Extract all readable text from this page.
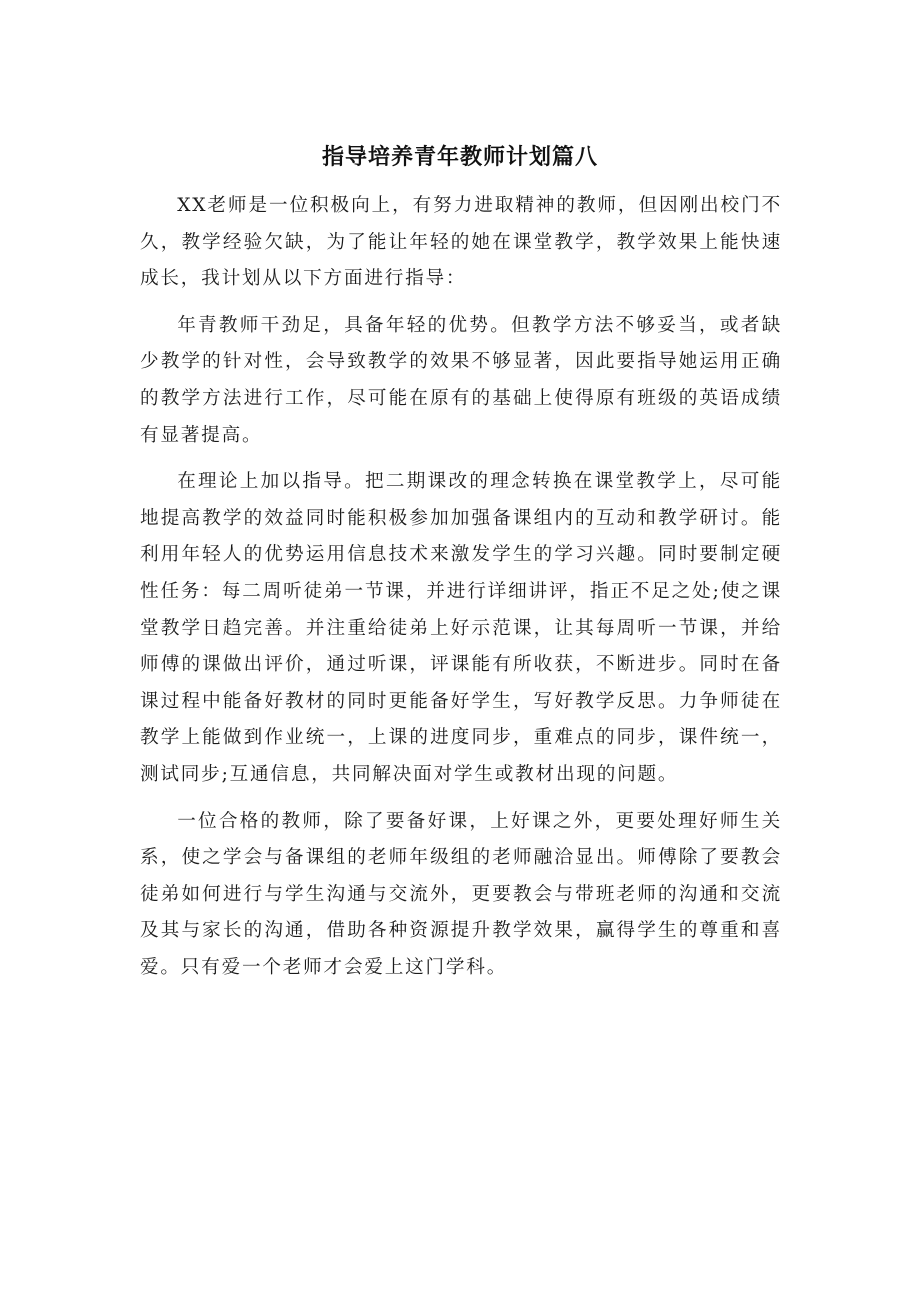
指导培养青年教师计划篇八

XX老师是一位积极向上，有努力进取精神的教师，但因刚出校门不久，教学经验欠缺，为了能让年轻的她在课堂教学，教学效果上能快速成长，我计划从以下方面进行指导：

年青教师干劲足，具备年轻的优势。但教学方法不够妥当，或者缺少教学的针对性，会导致教学的效果不够显著，因此要指导她运用正确的教学方法进行工作，尽可能在原有的基础上使得原有班级的英语成绩有显著提高。

在理论上加以指导。把二期课改的理念转换在课堂教学上，尽可能地提高教学的效益同时能积极参加加强备课组内的互动和教学研讨。能利用年轻人的优势运用信息技术来激发学生的学习兴趣。同时要制定硬性任务：每二周听徒弟一节课，并进行详细讲评，指正不足之处;使之课堂教学日趋完善。并注重给徒弟上好示范课，让其每周听一节课，并给师傅的课做出评价，通过听课，评课能有所收获，不断进步。同时在备课过程中能备好教材的同时更能备好学生，写好教学反思。力争师徒在教学上能做到作业统一，上课的进度同步，重难点的同步，课件统一，测试同步;互通信息，共同解决面对学生或教材出现的问题。

一位合格的教师，除了要备好课，上好课之外，更要处理好师生关系，使之学会与备课组的老师年级组的老师融洽显出。师傅除了要教会徒弟如何进行与学生沟通与交流外，更要教会与带班老师的沟通和交流及其与家长的沟通，借助各种资源提升教学效果，赢得学生的尊重和喜爱。只有爱一个老师才会爱上这门学科。
